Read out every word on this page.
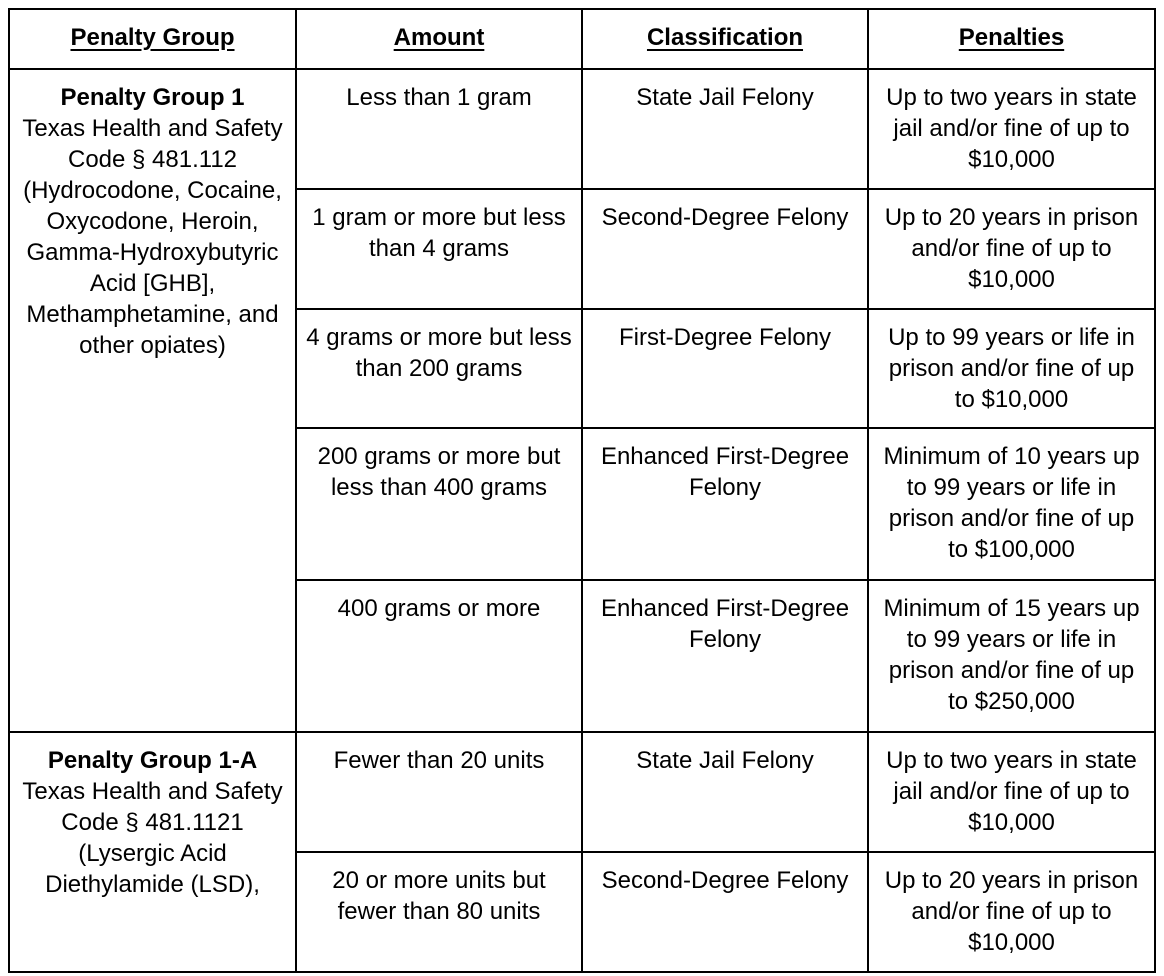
Penalty Group	Amount	Classification	Penalties

Penalty Group 1
Texas Health and Safety Code § 481.112 (Hydrocodone, Cocaine, Oxycodone, Heroin, Gamma-Hydroxybutyric Acid [GHB], Methamphetamine, and other opiates)	Less than 1 gram	State Jail Felony	Up to two years in state jail and/or fine of up to $10,000
	1 gram or more but less than 4 grams	Second-Degree Felony	Up to 20 years in prison and/or fine of up to $10,000
	4 grams or more but less than 200 grams	First-Degree Felony	Up to 99 years or life in prison and/or fine of up to $10,000
	200 grams or more but less than 400 grams	Enhanced First-Degree Felony	Minimum of 10 years up to 99 years or life in prison and/or fine of up to $100,000
	400 grams or more	Enhanced First-Degree Felony	Minimum of 15 years up to 99 years or life in prison and/or fine of up to $250,000

Penalty Group 1-A
Texas Health and Safety Code § 481.1121 (Lysergic Acid Diethylamide (LSD),	Fewer than 20 units	State Jail Felony	Up to two years in state jail and/or fine of up to $10,000
	20 or more units but fewer than 80 units	Second-Degree Felony	Up to 20 years in prison and/or fine of up to $10,000
